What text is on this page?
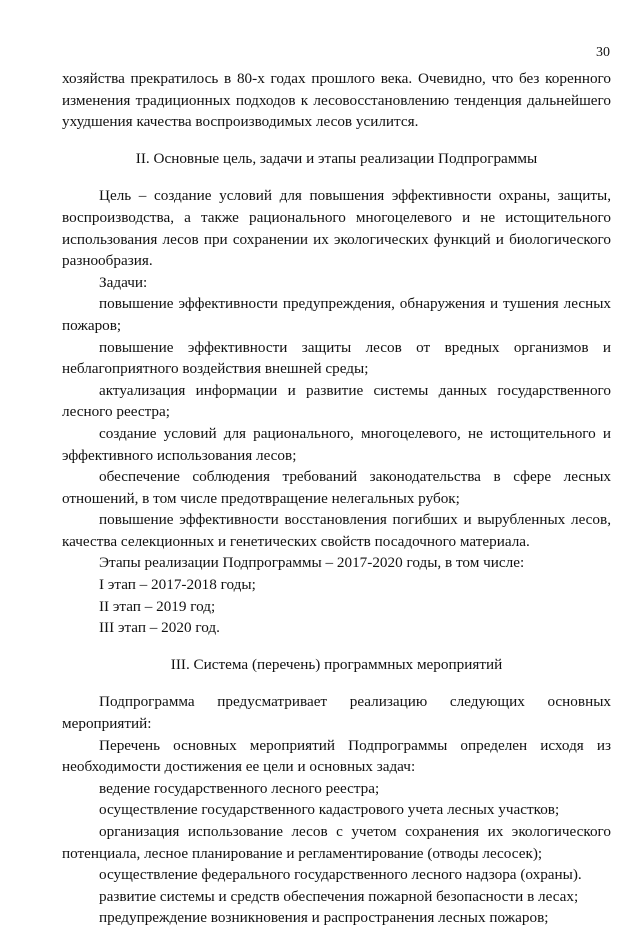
30

хозяйства прекратилось в 80-х годах прошлого века. Очевидно, что без коренного изменения традиционных подходов к лесовосстановлению тенденция дальнейшего ухудшения качества воспроизводимых лесов усилится.

II. Основные цель, задачи и этапы реализации Подпрограммы

Цель – создание условий для повышения эффективности охраны, защиты, воспроизводства, а также рационального многоцелевого и не истощительного использования лесов при сохранении их экологических функций и биологического разнообразия.

Задачи:

повышение эффективности предупреждения, обнаружения и тушения лесных пожаров;

повышение эффективности защиты лесов от вредных организмов и неблагоприятного воздействия внешней среды;

актуализация информации и развитие системы данных государственного лесного реестра;

создание условий для рационального, многоцелевого, не истощительного и эффективного использования лесов;

обеспечение соблюдения требований законодательства в сфере лесных отношений, в том числе предотвращение нелегальных рубок;

повышение эффективности восстановления погибших и вырубленных лесов, качества селекционных и генетических свойств посадочного материала.

Этапы реализации Подпрограммы – 2017-2020 годы, в том числе:

I этап – 2017-2018 годы;

II этап – 2019 год;

III этап – 2020 год.

III. Система (перечень) программных мероприятий

Подпрограмма предусматривает реализацию следующих основных мероприятий:

Перечень основных мероприятий Подпрограммы определен исходя из необходимости достижения ее цели и основных задач:

ведение государственного лесного реестра;

осуществление государственного кадастрового учета лесных участков;

организация использование лесов с учетом сохранения их экологического потенциала, лесное планирование и регламентирование (отводы лесосек);

осуществление федерального государственного лесного надзора (охраны).

развитие системы и средств обеспечения пожарной безопасности в лесах;

предупреждение возникновения и распространения лесных пожаров;
